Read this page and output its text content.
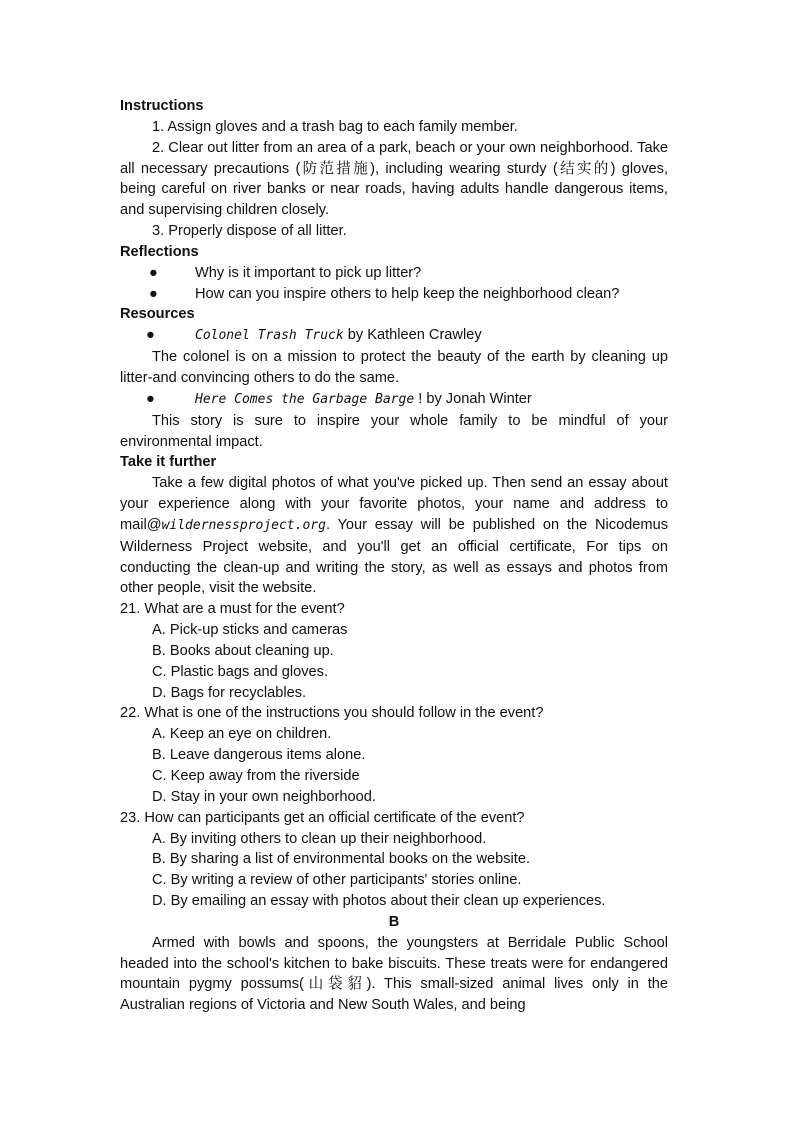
Instructions
1. Assign gloves and a trash bag to each family member.
2. Clear out litter from an area of a park, beach or your own neighborhood. Take all necessary precautions (防范措施), including wearing sturdy (结实的) gloves, being careful on river banks or near roads, having adults handle dangerous items, and supervising children closely.
3. Properly dispose of all litter.
Reflections
●	Why is it important to pick up litter?
●	How can you inspire others to help keep the neighborhood clean?
Resources
●	Colonel Trash Truck by Kathleen Crawley
The colonel is on a mission to protect the beauty of the earth by cleaning up litter-and convincing others to do the same.
●	Here Comes the Garbage Barge ! by Jonah Winter
This story is sure to inspire your whole family to be mindful of your environmental impact.
Take it further
Take a few digital photos of what you've picked up. Then send an essay about your experience along with your favorite photos, your name and address to mail@wildernessproject.org. Your essay will be published on the Nicodemus Wilderness Project website, and you'll get an official certificate, For tips on conducting the clean-up and writing the story, as well as essays and photos from other people, visit the website.
21. What are a must for the event?
A. Pick-up sticks and cameras
B. Books about cleaning up.
C. Plastic bags and gloves.
D. Bags for recyclables.
22. What is one of the instructions you should follow in the event?
A. Keep an eye on children.
B. Leave dangerous items alone.
C. Keep away from the riverside
D. Stay in your own neighborhood.
23. How can participants get an official certificate of the event?
A. By inviting others to clean up their neighborhood.
B. By sharing a list of environmental books on the website.
C. By writing a review of other participants' stories online.
D. By emailing an essay with photos about their clean up experiences.
B
Armed with bowls and spoons, the youngsters at Berridale Public School headed into the school's kitchen to bake biscuits. These treats were for endangered mountain pygmy possums(山袋貂). This small-sized animal lives only in the Australian regions of Victoria and New South Wales, and being
